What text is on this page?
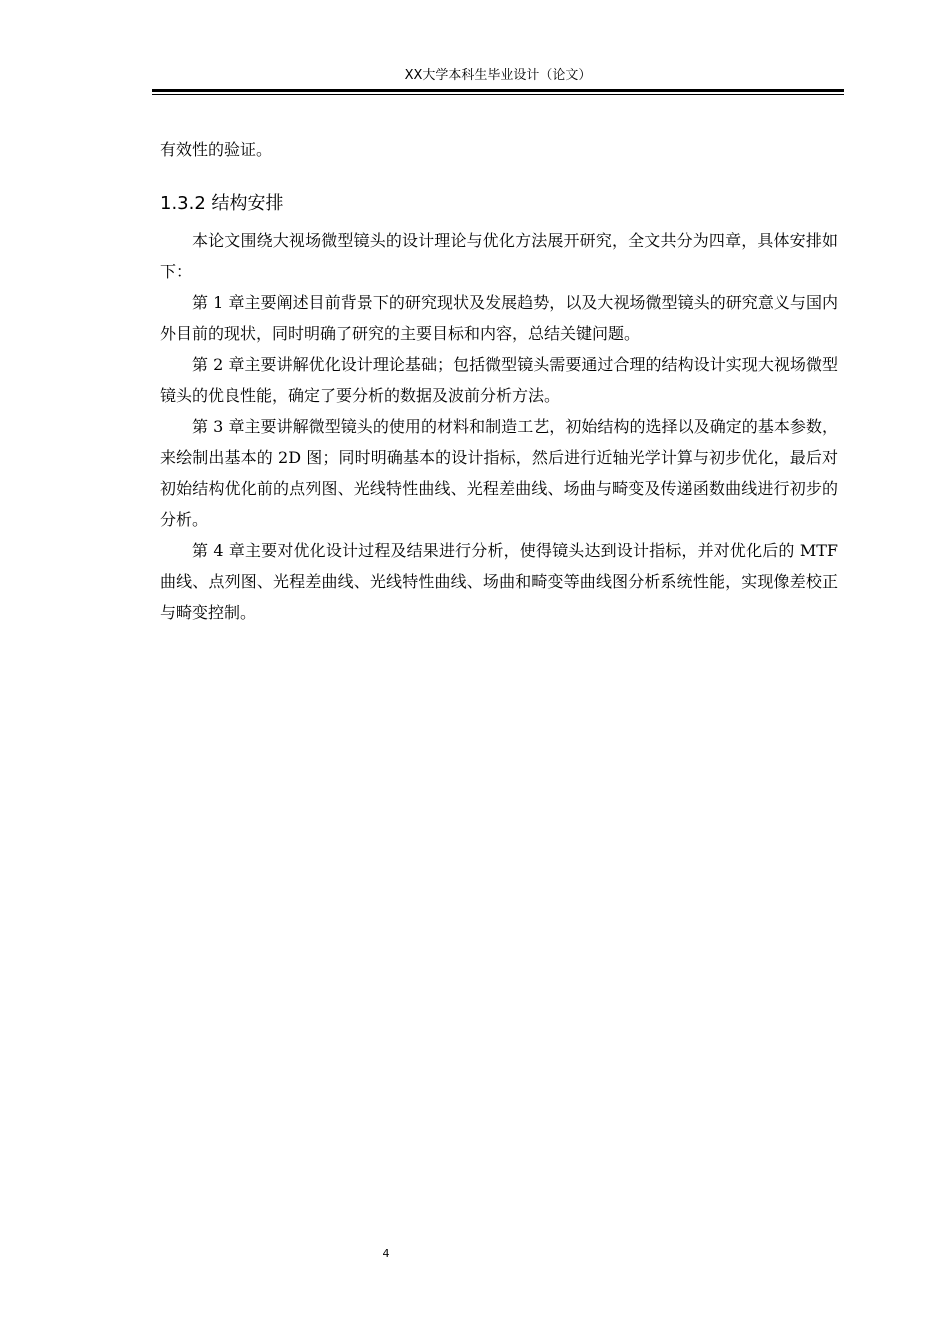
XX大学本科生毕业设计（论文）

有效性的验证。

1.3.2 结构安排

本论文围绕大视场微型镜头的设计理论与优化方法展开研究，全文共分为四章，具体安排如下：

第 1 章主要阐述目前背景下的研究现状及发展趋势，以及大视场微型镜头的研究意义与国内外目前的现状，同时明确了研究的主要目标和内容，总结关键问题。

第 2 章主要讲解优化设计理论基础；包括微型镜头需要通过合理的结构设计实现大视场微型镜头的优良性能，确定了要分析的数据及波前分析方法。

第 3 章主要讲解微型镜头的使用的材料和制造工艺，初始结构的选择以及确定的基本参数，来绘制出基本的 2D 图；同时明确基本的设计指标，然后进行近轴光学计算与初步优化，最后对初始结构优化前的点列图、光线特性曲线、光程差曲线、场曲与畸变及传递函数曲线进行初步的分析。

第 4 章主要对优化设计过程及结果进行分析，使得镜头达到设计指标，并对优化后的 MTF 曲线、点列图、光程差曲线、光线特性曲线、场曲和畸变等曲线图分析系统性能，实现像差校正与畸变控制。

4
